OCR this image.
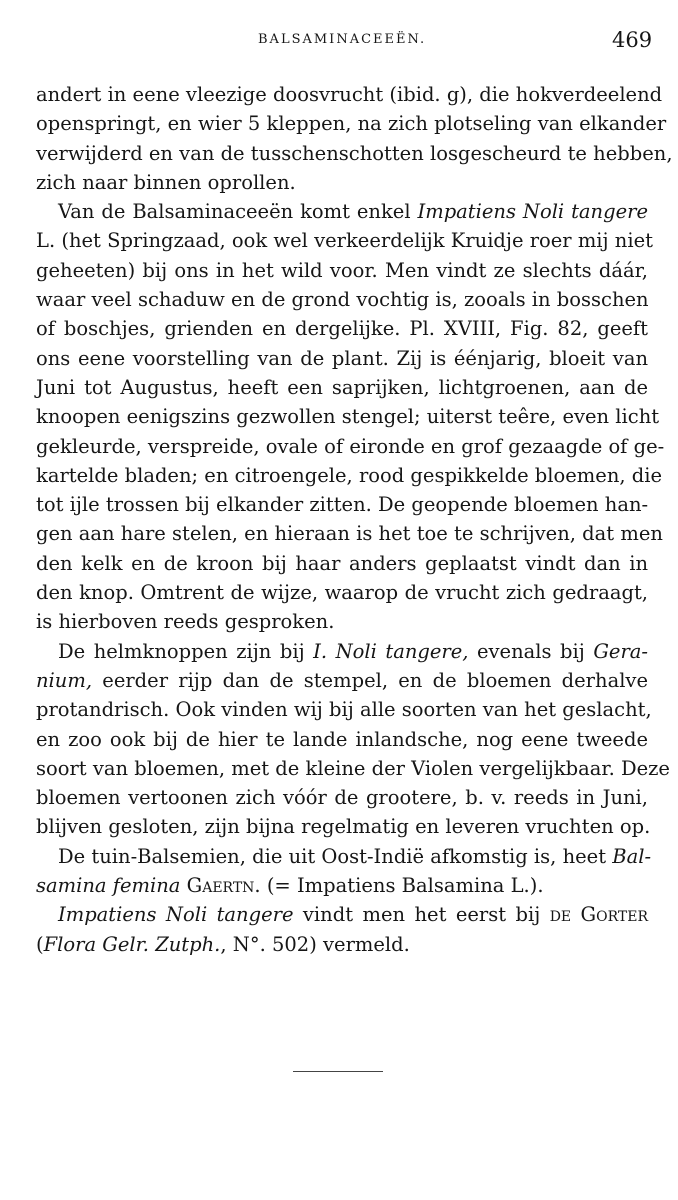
BALSAMINACEEËN.	469
andert in eene vleezige doosvrucht (ibid. g), die hokverdeelend
openspringt, en wier 5 kleppen, na zich plotseling van elkander
verwijderd en van de tusschenschotten losgescheurd te hebben,
zich naar binnen oprollen.
Van de Balsaminaceeën komt enkel Impatiens Noli tangere
L. (het Springzaad, ook wel verkeerdelijk Kruidje roer mij niet
geheeten) bij ons in het wild voor. Men vindt ze slechts dáár,
waar veel schaduw en de grond vochtig is, zooals in bosschen
of boschjes, grienden en dergelijke. Pl. XVIII, Fig. 82, geeft
ons eene voorstelling van de plant. Zij is éénjarig, bloeit van
Juni tot Augustus, heeft een saprijken, lichtgroenen, aan de
knoopen eenigszins gezwollen stengel; uiterst teêre, even licht
gekleurde, verspreide, ovale of eironde en grof gezaagde of ge-
kartelde bladen; en citroengele, rood gespikkelde bloemen, die
tot ijle trossen bij elkander zitten. De geopende bloemen han-
gen aan hare stelen, en hieraan is het toe te schrijven, dat men
den kelk en de kroon bij haar anders geplaatst vindt dan in
den knop. Omtrent de wijze, waarop de vrucht zich gedraagt,
is hierboven reeds gesproken.
De helmknoppen zijn bij I. Noli tangere, evenals bij Gera-
nium, eerder rijp dan de stempel, en de bloemen derhalve
protandrisch. Ook vinden wij bij alle soorten van het geslacht,
en zoo ook bij de hier te lande inlandsche, nog eene tweede
soort van bloemen, met de kleine der Violen vergelijkbaar. Deze
bloemen vertoonen zich vóór de grootere, b. v. reeds in Juni,
blijven gesloten, zijn bijna regelmatig en leveren vruchten op.
De tuin-Balsemien, die uit Oost-Indië afkomstig is, heet Bal-
samina femina Gaertn. (= Impatiens Balsamina L.).
Impatiens Noli tangere vindt men het eerst bij de Gorter
(Flora Gelr. Zutph., N°. 502) vermeld.
